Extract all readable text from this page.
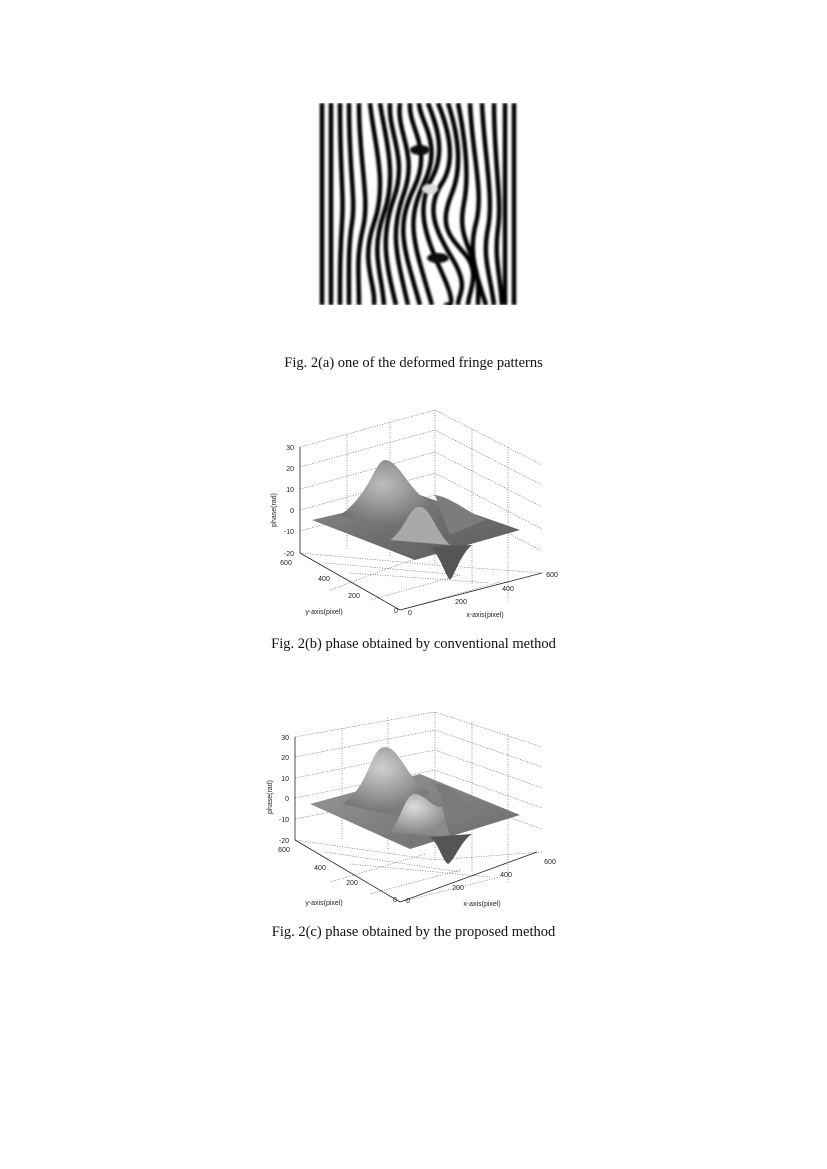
Fig. 2(a) one of the deformed fringe patterns
30
20
10
0
-10
-20
phase(rad)
600
400
200
0
y-axis(pixel)	0
200
400
600
x-axis(pixel)
Fig. 2(b) phase obtained by conventional method
30
20
10
0
-10
-20
phase(rad)
600
400
200
0
y-axis(pixel)	0
200
400
600
x-axis(pixel)
Fig. 2(c) phase obtained by the proposed method
